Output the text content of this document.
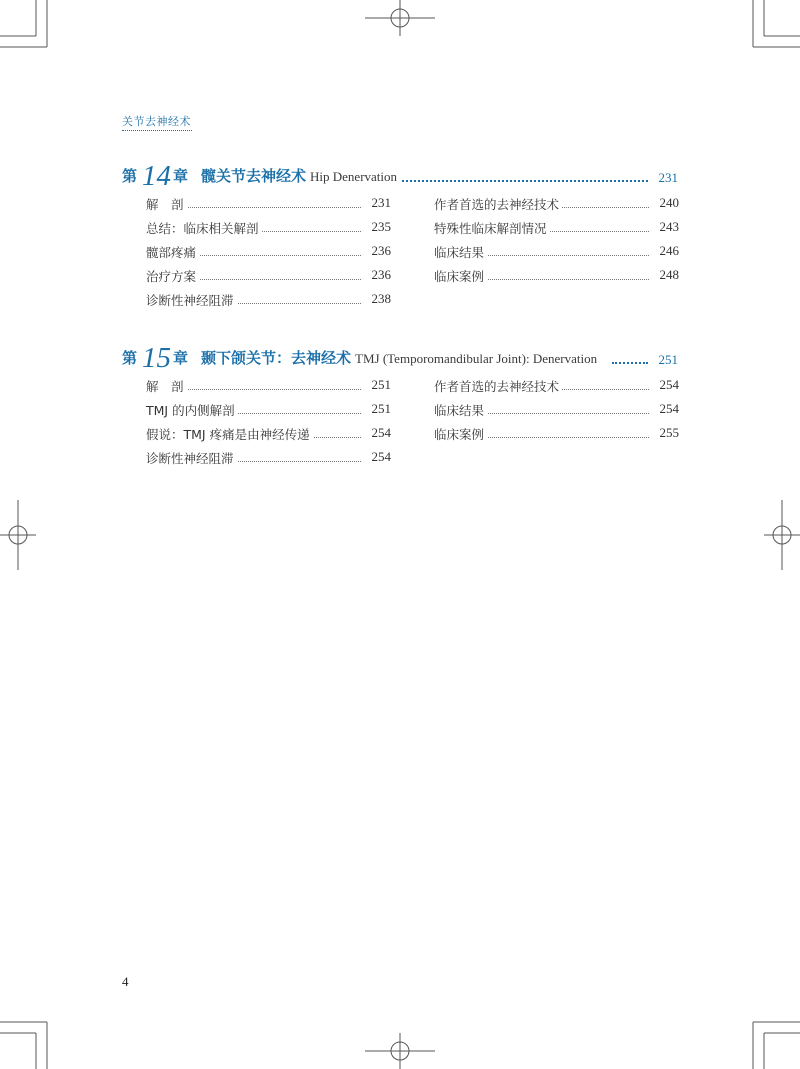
关节去神经术
第 14 章 髋关节去神经术 Hip Denervation	231
解　剖	231
总结：临床相关解剖	235
髋部疼痛	236
治疗方案	236
诊断性神经阻滞	238
作者首选的去神经技术	240
特殊性临床解剖情况	243
临床结果	246
临床案例	248
第 15 章 颞下颌关节：去神经术 TMJ (Temporomandibular Joint): Denervation	251
解　剖	251
TMJ 的内侧解剖	251
假说：TMJ 疼痛是由神经传递	254
诊断性神经阻滞	254
作者首选的去神经技术	254
临床结果	254
临床案例	255
4
